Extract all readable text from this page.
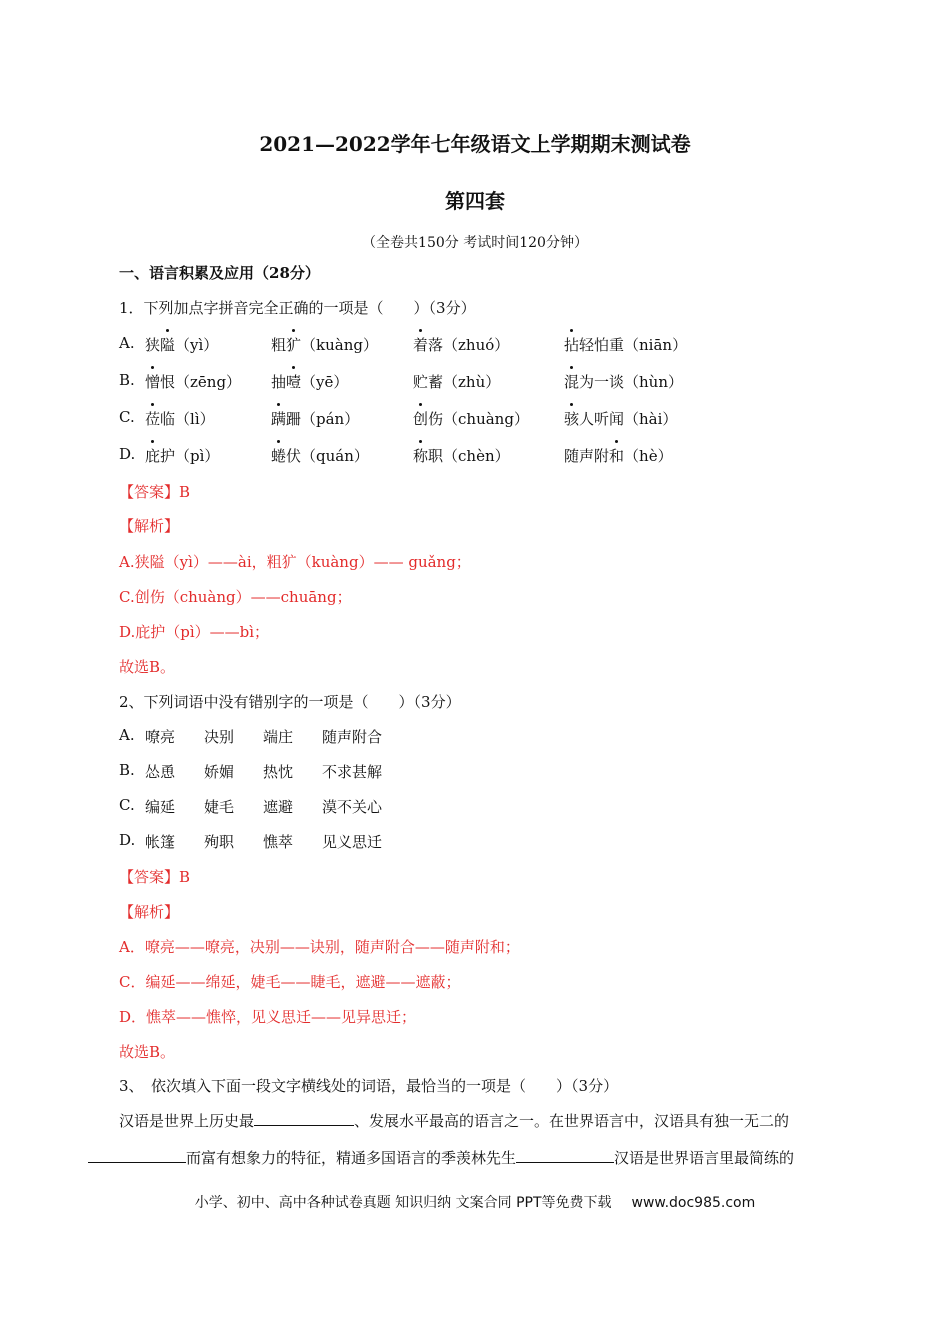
2021—2022学年七年级语文上学期期末测试卷
第四套
（全卷共150分 考试时间120分钟）
一、语言积累及应用（28分）
1．下列加点字拼音完全正确的一项是（　　）（3分）
A. 狭隘（yì）	粗犷（kuàng） 着落（zhuó）	拈轻怕重（niān）
B. 憎恨（zēng） 抽噎（yē）	贮蓄（zhù）	混为一谈（hùn）
C. 莅临（lì）	蹒跚（pán）	创伤（chuàng） 骇人听闻（hài）
D. 庇护（pì）	蜷伏（quán）	称职（chèn）	随声附和（hè）
【答案】B
【解析】
A.狭隘（yì）——ài，粗犷（kuàng）—— guǎng；
C.创伤（chuàng）——chuāng；
D.庇护（pì）——bì；
故选B。
2、下列词语中没有错别字的一项是（　　）（3分）
A. 嘹亮 决别 端庄 随声附合
B. 怂恿 娇媚 热忱 不求甚解
C. 编延 婕毛 遮避 漠不关心
D. 帐篷 殉职 憔萃 见义思迁
【答案】B
【解析】
A．嘹亮——嘹亮，决别——诀别，随声附合——随声附和；
C．编延——绵延，婕毛——睫毛，遮避——遮蔽；
D．憔萃——憔悴，见义思迁——见异思迁；
故选B。
3、　依次填入下面一段文字横线处的词语，最恰当的一项是（　　）（3分）
汉语是世界上历史最	、发展水平最高的语言之一。在世界语言中，汉语具有独一无二的
而富有想象力的特征，精通多国语言的季羡林先生	汉语是世界语言里最简练的
小学、初中、高中各种试卷真题 知识归纳 文案合同 PPT等免费下载 www.doc985.com
